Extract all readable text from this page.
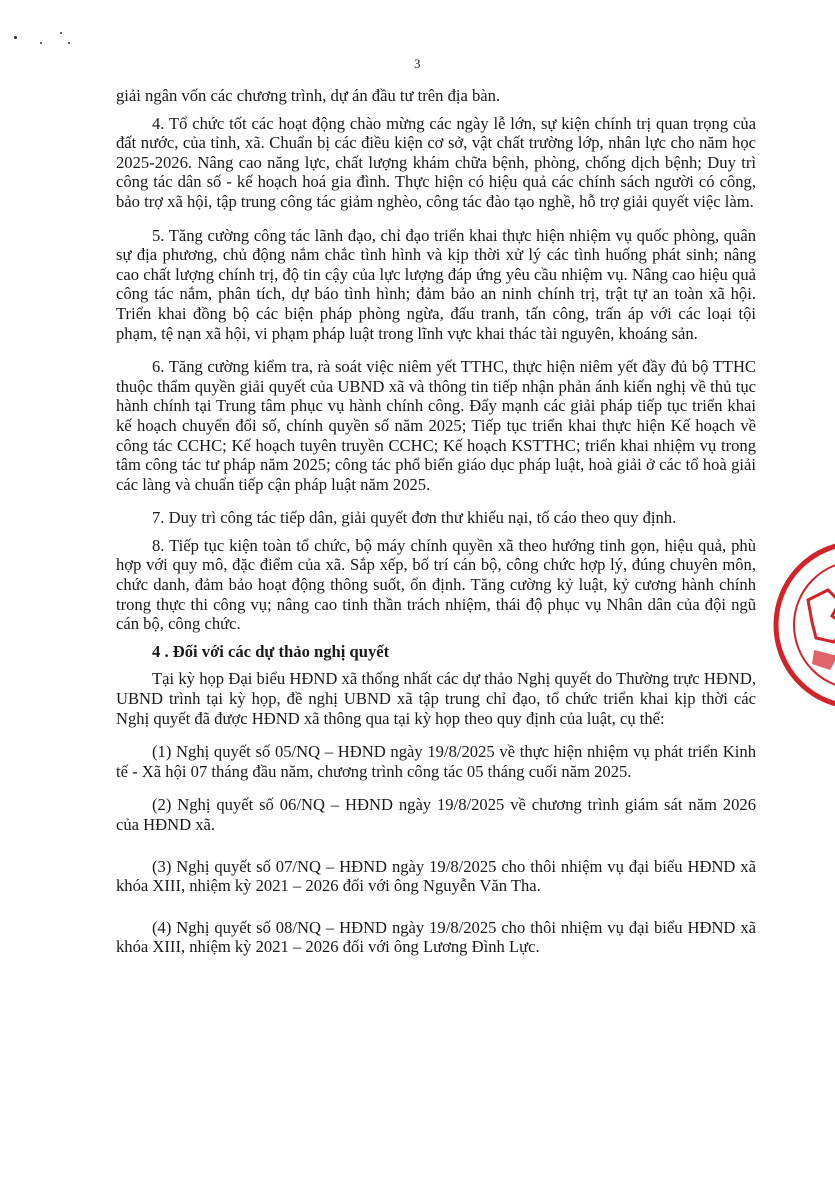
3

giải ngân vốn các chương trình, dự án đầu tư trên địa bàn.

4. Tổ chức tốt các hoạt động chào mừng các ngày lễ lớn, sự kiện chính trị quan trọng của đất nước, của tỉnh, xã. Chuẩn bị các điều kiện cơ sở, vật chất trường lớp, nhân lực cho năm học 2025-2026. Nâng cao năng lực, chất lượng khám chữa bệnh, phòng, chống dịch bệnh; Duy trì công tác dân số - kế hoạch hoá gia đình. Thực hiện có hiệu quả các chính sách người có công, bảo trợ xã hội, tập trung công tác giảm nghèo, công tác đào tạo nghề, hỗ trợ giải quyết việc làm.

5. Tăng cường công tác lãnh đạo, chỉ đạo triển khai thực hiện nhiệm vụ quốc phòng, quân sự địa phương, chủ động nắm chắc tình hình và kịp thời xử lý các tình huống phát sinh; nâng cao chất lượng chính trị, độ tin cậy của lực lượng đáp ứng yêu cầu nhiệm vụ. Nâng cao hiệu quả công tác nắm, phân tích, dự báo tình hình; đảm bảo an ninh chính trị, trật tự an toàn xã hội. Triển khai đồng bộ các biện pháp phòng ngừa, đấu tranh, tấn công, trấn áp với các loại tội phạm, tệ nạn xã hội, vi phạm pháp luật trong lĩnh vực khai thác tài nguyên, khoáng sản.

6. Tăng cường kiểm tra, rà soát việc niêm yết TTHC, thực hiện niêm yết đầy đủ bộ TTHC thuộc thẩm quyền giải quyết của UBND xã và thông tin tiếp nhận phản ánh kiến nghị về thủ tục hành chính tại Trung tâm phục vụ hành chính công. Đẩy mạnh các giải pháp tiếp tục triển khai kế hoạch chuyển đổi số, chính quyền số năm 2025; Tiếp tục triển khai thực hiện Kế hoạch về công tác CCHC; Kế hoạch tuyên truyền CCHC; Kế hoạch KSTTHC; triển khai nhiệm vụ trong tâm công tác tư pháp năm 2025; công tác phổ biến giáo dục pháp luật, hoà giải ở các tổ hoà giải các làng và chuẩn tiếp cận pháp luật năm 2025.

7. Duy trì công tác tiếp dân, giải quyết đơn thư khiếu nại, tố cáo theo quy định.

8. Tiếp tục kiện toàn tổ chức, bộ máy chính quyền xã theo hướng tinh gọn, hiệu quả, phù hợp với quy mô, đặc điểm của xã. Sắp xếp, bố trí cán bộ, công chức hợp lý, đúng chuyên môn, chức danh, đảm bảo hoạt động thông suốt, ổn định. Tăng cường kỷ luật, kỷ cương hành chính trong thực thi công vụ; nâng cao tinh thần trách nhiệm, thái độ phục vụ Nhân dân của đội ngũ cán bộ, công chức.

4 . Đối với các dự thảo nghị quyết

Tại kỳ họp Đại biểu HĐND xã thống nhất các dự thảo Nghị quyết do Thường trực HĐND, UBND trình tại kỳ họp, đề nghị UBND xã tập trung chỉ đạo, tổ chức triển khai kịp thời các Nghị quyết đã được HĐND xã thông qua tại kỳ họp theo quy định của luật, cụ thể:

(1) Nghị quyết số 05/NQ – HĐND ngày 19/8/2025 về thực hiện nhiệm vụ phát triển Kinh tế - Xã hội 07 tháng đầu năm, chương trình công tác 05 tháng cuối năm 2025.

(2) Nghị quyết số 06/NQ – HĐND ngày 19/8/2025 về chương trình giám sát năm 2026 của HĐND xã.

(3) Nghị quyết số 07/NQ – HĐND ngày 19/8/2025 cho thôi nhiệm vụ đại biểu HĐND xã khóa XIII, nhiệm kỳ 2021 – 2026 đối với ông Nguyễn Văn Tha.

(4) Nghị quyết số 08/NQ – HĐND ngày 19/8/2025 cho thôi nhiệm vụ đại biểu HĐND xã khóa XIII, nhiệm kỳ 2021 – 2026 đối với ông Lương Đình Lực.
